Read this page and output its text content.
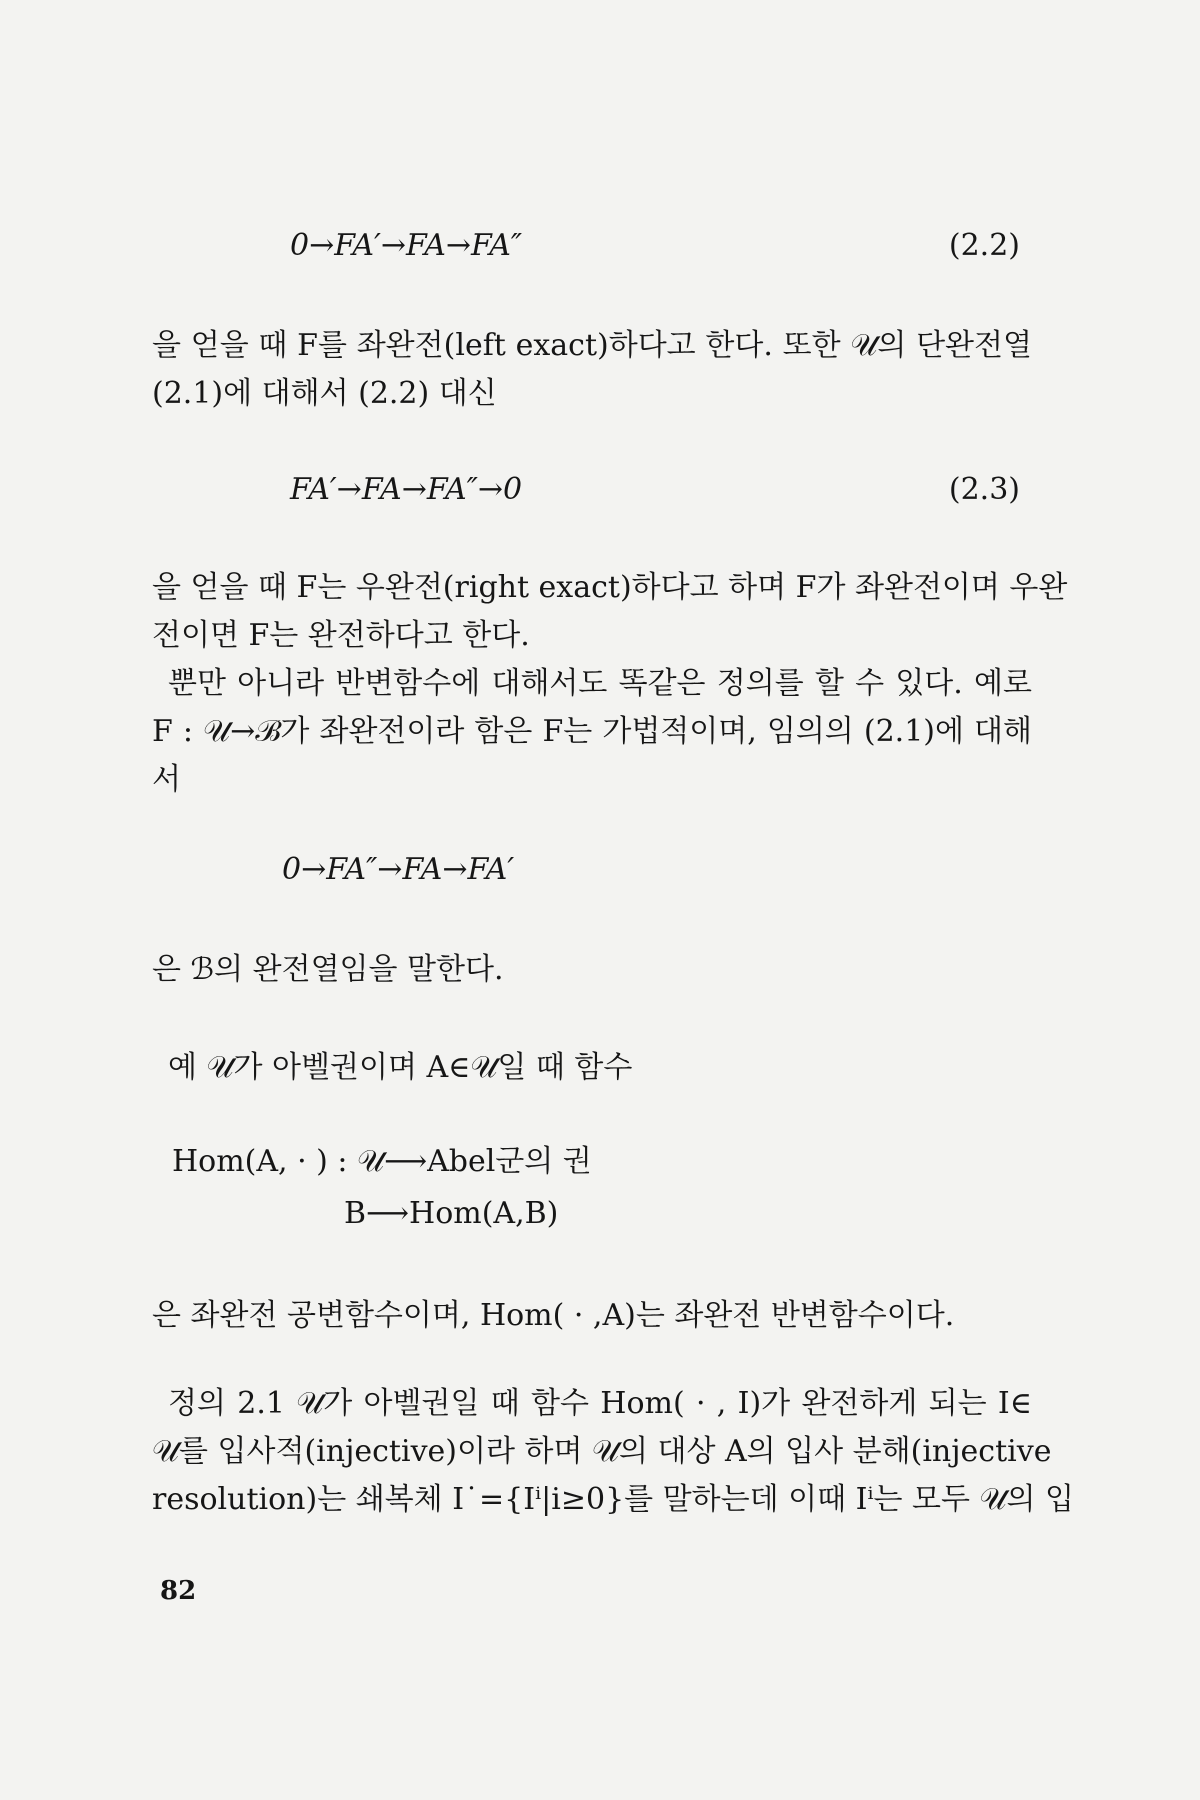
0→FA′→FA→FA″	(2.2)
을 얻을 때 F를 좌완전(left exact)하다고 한다. 또한 𝒰의 단완전열
(2.1)에 대해서 (2.2) 대신
FA′→FA→FA″→0	(2.3)
을 얻을 때 F는 우완전(right exact)하다고 하며 F가 좌완전이며 우완
전이면 F는 완전하다고 한다.
뿐만 아니라 반변함수에 대해서도 똑같은 정의를 할 수 있다. 예로
F : 𝒰→ℬ가 좌완전이라 함은 F는 가법적이며, 임의의 (2.1)에 대해
서
0→FA″→FA→FA′
은 ℬ의 완전열임을 말한다.
예 𝒰가 아벨권이며 A∈𝒰일 때 함수
Hom(A, · ) : 𝒰⟶Abel군의 권
B⟶Hom(A,B)
은 좌완전 공변함수이며, Hom( · ,A)는 좌완전 반변함수이다.
정의 2.1 𝒰가 아벨권일 때 함수 Hom( · , I)가 완전하게 되는 I∈
𝒰를 입사적(injective)이라 하며 𝒰의 대상 A의 입사 분해(injective
resolution)는 쇄복체 I˙={Iⁱ|i≥0}를 말하는데 이때 Iⁱ는 모두 𝒰의 입
82
